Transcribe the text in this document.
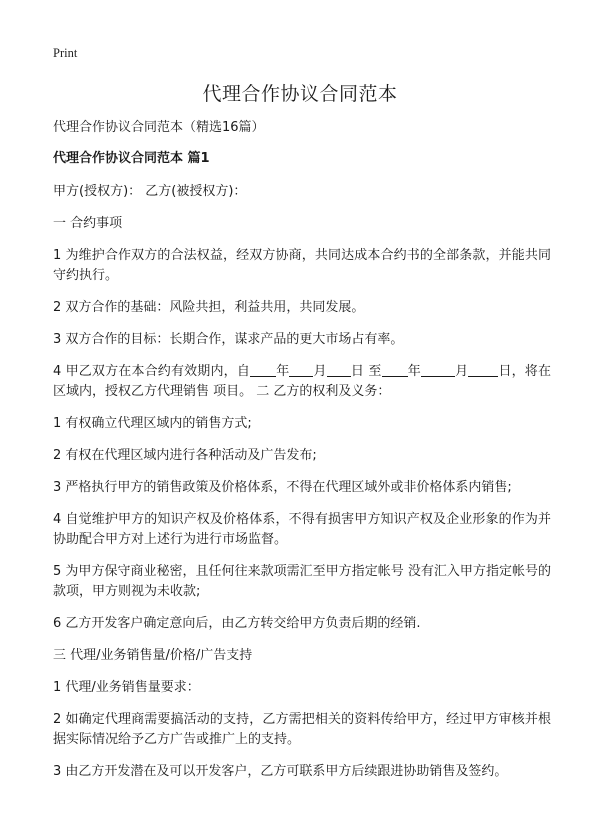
Print
代理合作协议合同范本

代理合作协议合同范本（精选16篇）

代理合作协议合同范本 篇1

甲方(授权方)： 乙方(被授权方)：

一 合约事项

1 为维护合作双方的合法权益，经双方协商，共同达成本合约书的全部条款，并能共同守约执行。

2 双方合作的基础：风险共担，利益共用，共同发展。

3 双方合作的目标：长期合作，谋求产品的更大市场占有率。

4 甲乙双方在本合约有效期内，自 年 月 日 至 年	月 日，将在 区域内，授权乙方代理销售 项目。 二 乙方的权利及义务：

1 有权确立代理区域内的销售方式;

2 有权在代理区域内进行各种活动及广告发布;

3 严格执行甲方的销售政策及价格体系，不得在代理区域外或非价格体系内销售;

4 自觉维护甲方的知识产权及价格体系，不得有损害甲方知识产权及企业形象的作为并协助配合甲方对上述行为进行市场监督。

5 为甲方保守商业秘密，且任何往来款项需汇至甲方指定帐号 没有汇入甲方指定帐号的款项，甲方则视为未收款;

6 乙方开发客户确定意向后，由乙方转交给甲方负责后期的经销.

三 代理/业务销售量/价格/广告支持

1 代理/业务销售量要求：

2 如确定代理商需要搞活动的支持，乙方需把相关的资料传给甲方，经过甲方审核并根据实际情况给予乙方广告或推广上的支持。

3 由乙方开发潜在及可以开发客户，乙方可联系甲方后续跟进协助销售及签约。
